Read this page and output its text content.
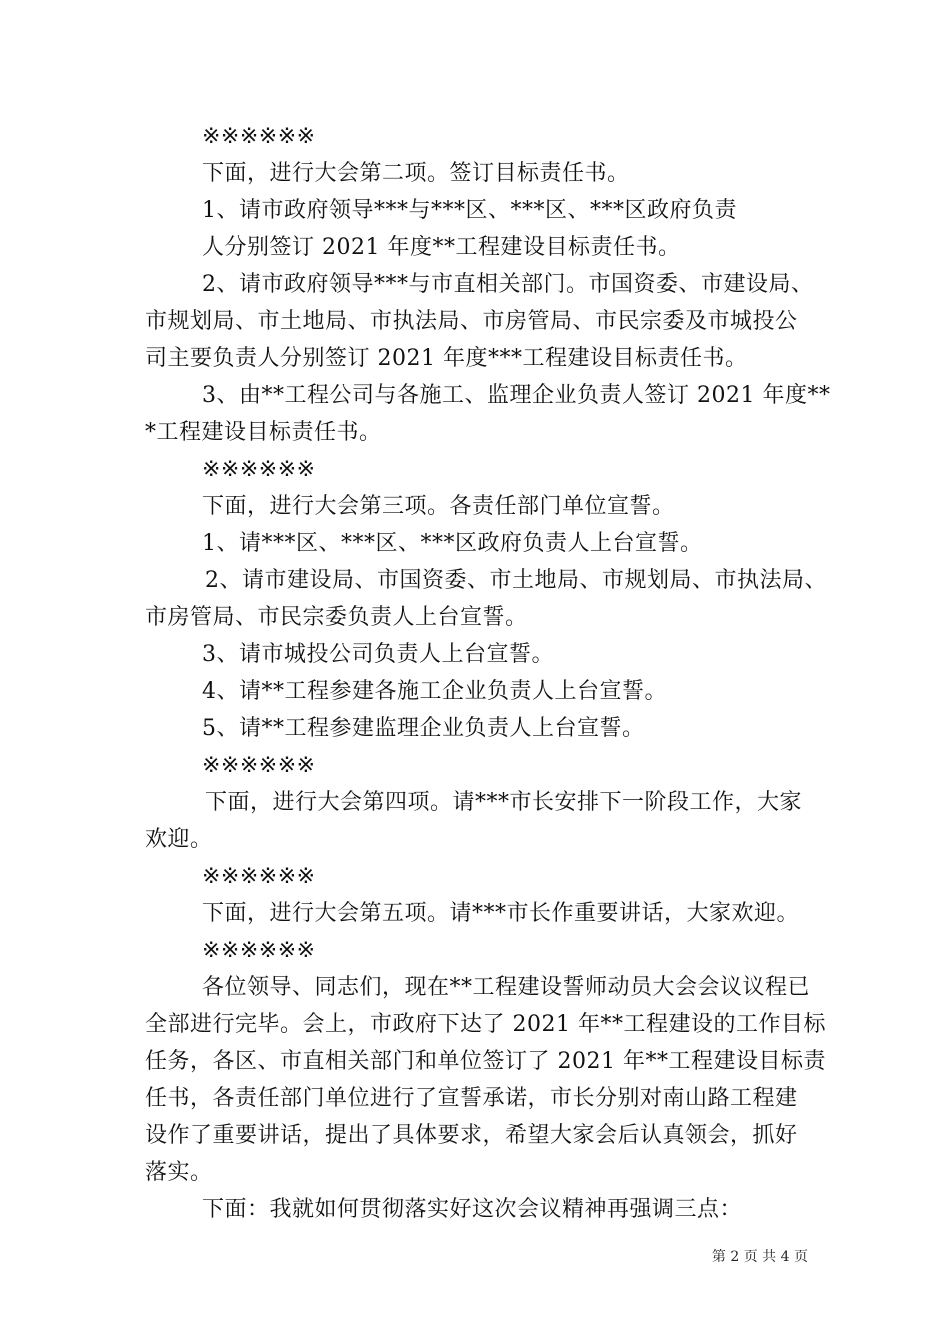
※※※※※※
下面，进行大会第二项。签订目标责任书。
1、请市政府领导***与***区、***区、***区政府负责
人分别签订 2021 年度**工程建设目标责任书。
2、请市政府领导***与市直相关部门。市国资委、市建设局、
市规划局、市土地局、市执法局、市房管局、市民宗委及市城投公
司主要负责人分别签订 2021 年度***工程建设目标责任书。
3、由**工程公司与各施工、监理企业负责人签订 2021 年度**
*工程建设目标责任书。
※※※※※※
下面，进行大会第三项。各责任部门单位宣誓。
1、请***区、***区、***区政府负责人上台宣誓。
2、请市建设局、市国资委、市土地局、市规划局、市执法局、
市房管局、市民宗委负责人上台宣誓。
3、请市城投公司负责人上台宣誓。
4、请**工程参建各施工企业负责人上台宣誓。
5、请**工程参建监理企业负责人上台宣誓。
※※※※※※
下面，进行大会第四项。请***市长安排下一阶段工作，大家
欢迎。
※※※※※※
下面，进行大会第五项。请***市长作重要讲话，大家欢迎。
※※※※※※
各位领导、同志们，现在**工程建设誓师动员大会会议议程已
全部进行完毕。会上，市政府下达了 2021 年**工程建设的工作目标
任务，各区、市直相关部门和单位签订了 2021 年**工程建设目标责
任书，各责任部门单位进行了宣誓承诺，市长分别对南山路工程建
设作了重要讲话，提出了具体要求，希望大家会后认真领会，抓好
落实。
下面：我就如何贯彻落实好这次会议精神再强调三点：
第 2 页 共 4 页
